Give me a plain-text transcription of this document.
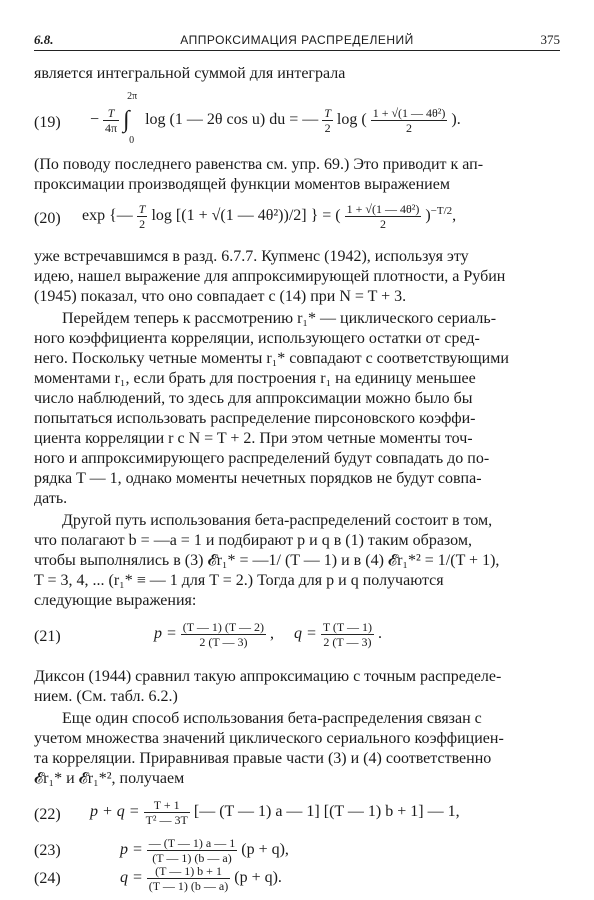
6.8.	АППРОКСИМАЦИЯ РАСПРЕДЕЛЕНИЙ	375
является интегральной суммой для интеграла
$(19) - \frac{T}{4\pi}$ ∫
2π
0
log (1 — 2θ cos u) du = — $\frac{T}{2}$ log ( $\frac{\text{1 + √(1 — 4θ²)}}{2}$ ).
(По поводу последнего равенства см. упр. 69.) Это приводит к ап-
проксимации производящей функции моментов выражением
(20) exp {— $\frac{T}{2}$ log [(1 + √(1 — 4θ²))/2] } = ( $\frac{\text{1 + √(1 — 4θ²)}}{2} )^{-T/2}$,
уже встречавшимся в разд. 6.7.7. Купменс (1942), используя эту
идею, нашел выражение для аппроксимирующей плотности, а Рубин
(1945) показал, что оно совпадает с (14) при N = T + 3.
Перейдем теперь к рассмотрению r₁* — циклического сериаль-
ного коэффициента корреляции, использующего остатки от сред-
него. Поскольку четные моменты r₁* совпадают с соответствующими
моментами r₁, если брать для построения r₁ на единицу меньшее
число наблюдений, то здесь для аппроксимации можно было бы
попытаться использовать распределение пирсоновского коэффи-
циента корреляции r с N = T + 2. При этом четные моменты точ-
ного и аппроксимирующего распределений будут совпадать до по-
рядка T — 1, однако моменты нечетных порядков не будут сoвпа-
дать.
Другой путь использования бета-распределений состоит в том,
что полагают b = —a = 1 и подбирают p и q в (1) таким образом,
чтобы выполнялись в (3) 𝓔r₁* = —1/ (T — 1) и в (4) 𝓔r₁*² = 1/(T + 1),
T = 3, 4, ... (r₁* ≡ — 1 для T = 2.) Тогда для p и q получаются
следующие выражения:
(21)	$p = \frac{(T — 1) (T — 2)}{2 (T — 3)}$ , $q = \frac{T (T — 1)}{2 (T — 3)}$ .
Диксон (1944) сравнил такую аппроксимацию с точным распределе-
нием. (См. табл. 6.2.)
Еще один способ использования бета-распределения связан с
учетом множества значений циклического сериального коэффициен-
та корреляции. Приравнивая правые части (3) и (4) соответственно
𝓔r₁* и 𝓔r₁*², получаем
(22) $p + q = \frac{T + 1}{\text{T² — 3T}}$ [— (T — 1) a — 1] [(T — 1) b + 1] — 1,
(23)	$p = \frac{— (T — 1) a — 1}{(T — 1) (b — a)} (p + q)$,
(24)	$q = \frac{(T — 1) b + 1}{(T — 1) (b — a)} (p + q)$.
